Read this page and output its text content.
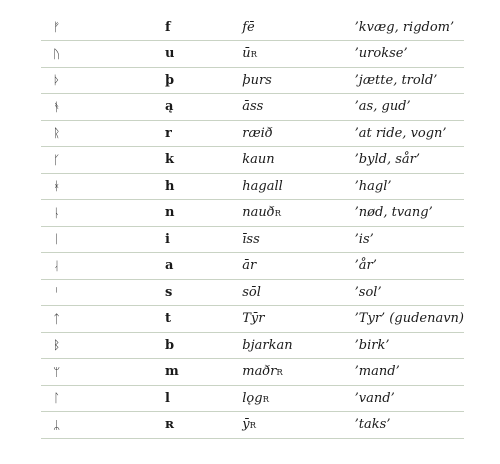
ᚠ	f	fē	’kvæg, rigdom’
ᚢ	u	ūR	’urokse’
ᚦ	þ	þurs	’jætte, trold’
ᚬ	ą	āss	’as, gud’
ᚱ	r	ræið	’at ride, vogn’
ᚴ	k	kaun	’byld, sår’
ᚼ	h	hagall	’hagl’
ᚿ	n	nauðR	’nød, tvang’
ᛁ	i	īss	’is’
ᛆ	a	ār	’år’
ᛌ	s	sōl	’sol’
ᛏ	t	Tȳr	’Tyr’ (gudenavn)
ᛒ	b	bjarkan	’birk’
ᛘ	m	maðrR	’mand’
ᛚ	l	lǫgR	’vand’
ᛦ	ʀ	ȳR	’taks’
